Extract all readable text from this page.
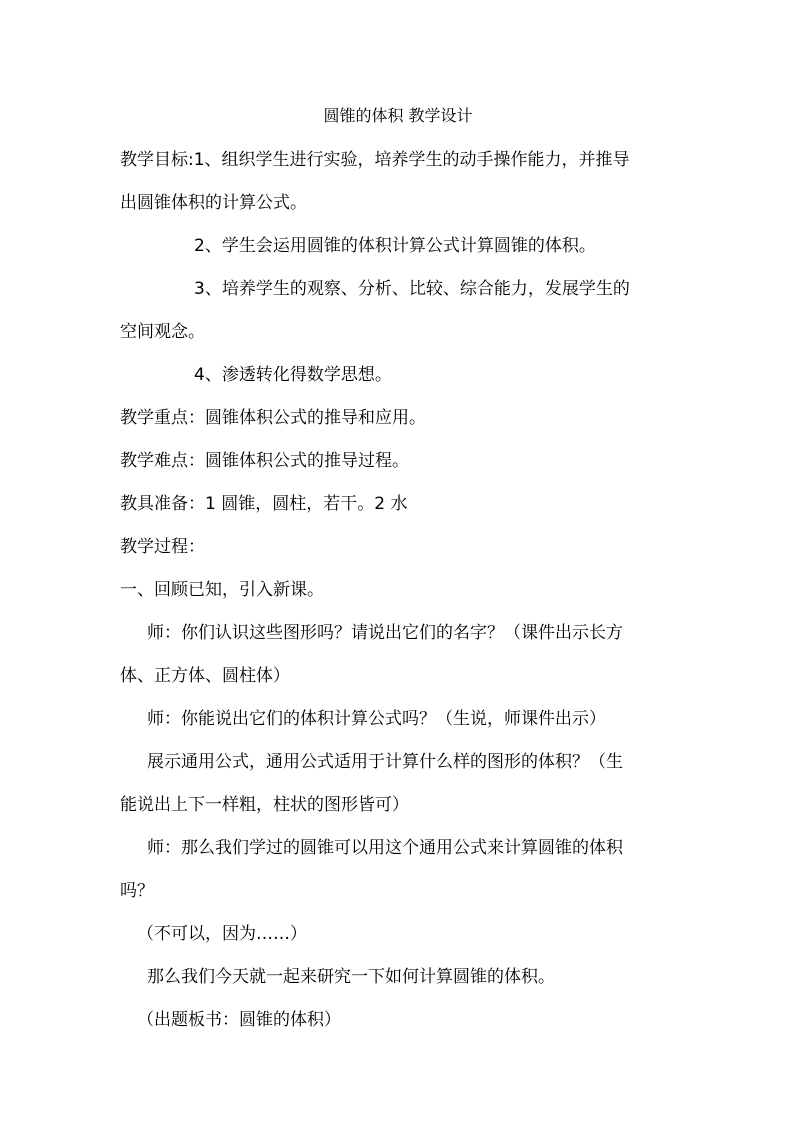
圆锥的体积 教学设计

教学目标:1、组织学生进行实验，培养学生的动手操作能力，并推导

出圆锥体积的计算公式。

2、学生会运用圆锥的体积计算公式计算圆锥的体积。

3、培养学生的观察、分析、比较、综合能力，发展学生的

空间观念。

4、渗透转化得数学思想。

教学重点：圆锥体积公式的推导和应用。

教学难点：圆锥体积公式的推导过程。

教具准备：1 圆锥，圆柱，若干。2 水

教学过程：

一、回顾已知，引入新课。

师：你们认识这些图形吗？请说出它们的名字？（课件出示长方

体、正方体、圆柱体）

师：你能说出它们的体积计算公式吗？（生说，师课件出示）

展示通用公式，通用公式适用于计算什么样的图形的体积？（生

能说出上下一样粗，柱状的图形皆可）

师：那么我们学过的圆锥可以用这个通用公式来计算圆锥的体积

吗？

（不可以，因为……）

那么我们今天就一起来研究一下如何计算圆锥的体积。

（出题板书：圆锥的体积）
